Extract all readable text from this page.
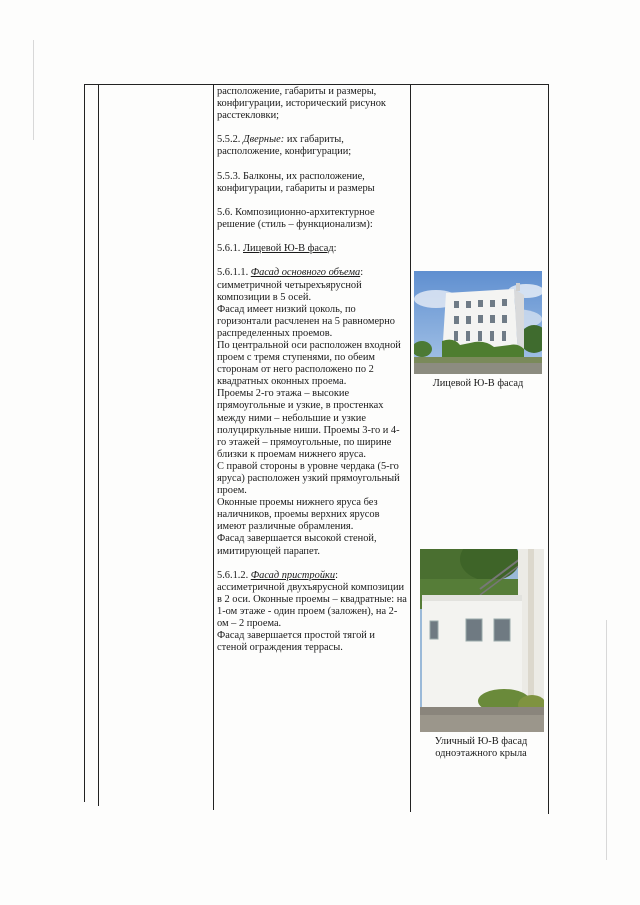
расположение, габариты и размеры, конфигурации, исторический рисунок расстекловки;

5.5.2. Дверные: их габариты, расположение, конфигурации;

5.5.3. Балконы, их расположение, конфигурации, габариты и размеры

5.6. Композиционно-архитектурное решение (стиль – функционализм):

5.6.1. Лицевой Ю-В фасад:

5.6.1.1. Фасад основного объема:
симметричной четырехъярусной композиции в 5 осей.
Фасад имеет низкий цоколь, по горизонтали расчленен на 5 равномерно распределенных проемов.
По центральной оси расположен входной проем с тремя ступенями, по обеим сторонам от него расположено по 2 квадратных оконных проема.
Проемы 2-го этажа – высокие прямоугольные и узкие, в простенках между ними – небольшие и узкие полуциркульные ниши. Проемы 3-го и 4-го этажей – прямоугольные, по ширине близки к проемам нижнего яруса.
С правой стороны в уровне чердака (5-го яруса) расположен узкий прямоугольный проем.
Оконные проемы нижнего яруса без наличников, проемы верхних ярусов имеют различные обрамления.
Фасад завершается высокой стеной, имитирующей парапет.
5.6.1.2. Фасад пристройки:
ассиметричной двухъярусной композиции в 2 оси. Оконные проемы – квадратные: на 1-ом этаже - один проем (заложен), на 2-ом – 2 проема.
Фасад завершается простой тягой и стеной ограждения террасы.
Лицевой Ю-В фасад
Уличный Ю-В фасад одноэтажного крыла
